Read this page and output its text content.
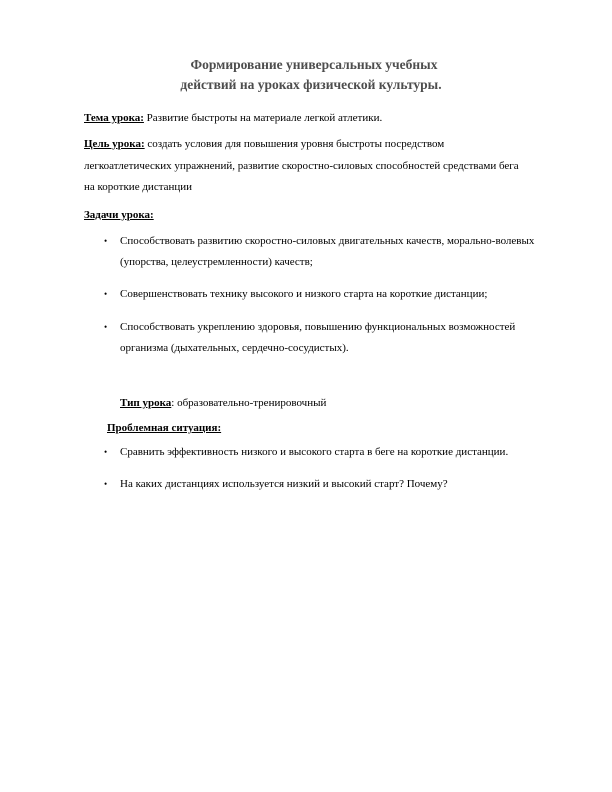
Формирование универсальных учебных
действий на уроках физической культуры.
Тема урока: Развитие быстроты на материале легкой атлетики.
Цель урока: создать условия для повышения уровня быстроты посредством
легкоатлетических упражнений, развитие скоростно-силовых способностей средствами бега
на короткие дистанции
Задачи урока:
• Способствовать развитию скоростно-силовых двигательных качеств, морально-волевых
(упорства, целеустремленности) качеств;
• Совершенствовать технику высокого и низкого старта на короткие дистанции;
• Способствовать укреплению здоровья, повышению функциональных возможностей
организма (дыхательных, сердечно-сосудистых).
Тип урока: образовательно-тренировочный
Проблемная ситуация:
• Сравнить эффективность низкого и высокого старта в беге на короткие дистанции.
• На каких дистанциях используется низкий и высокий старт? Почему?
